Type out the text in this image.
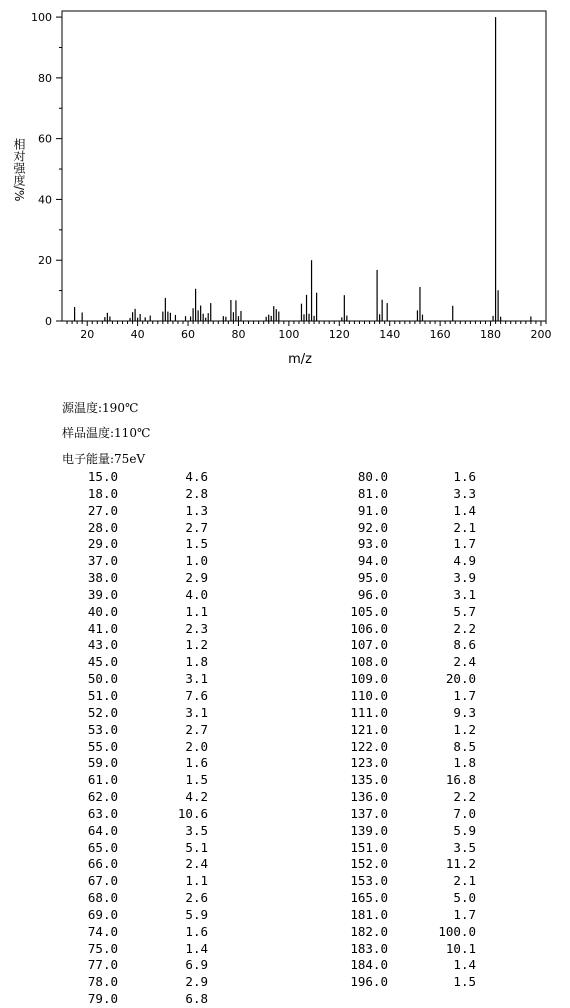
20	40	60	80	100	120	140	160	180	200
0
20
40
60
80
100
m/z
相对强度/%
源温度:190℃
样品温度:110℃
电子能量:75eV
15.0	4.6
18.0	2.8
27.0	1.3
28.0	2.7
29.0	1.5
37.0	1.0
38.0	2.9
39.0	4.0
40.0	1.1
41.0	2.3
43.0	1.2
45.0	1.8
50.0	3.1
51.0	7.6
52.0	3.1
53.0	2.7
55.0	2.0
59.0	1.6
61.0	1.5
62.0	4.2
63.0	10.6
64.0	3.5
65.0	5.1
66.0	2.4
67.0	1.1
68.0	2.6
69.0	5.9
74.0	1.6
75.0	1.4
77.0	6.9
78.0	2.9
79.0	6.8
80.0	1.6
81.0	3.3
91.0	1.4
92.0	2.1
93.0	1.7
94.0	4.9
95.0	3.9
96.0	3.1
105.0	5.7
106.0	2.2
107.0	8.6
108.0	2.4
109.0	20.0
110.0	1.7
111.0	9.3
121.0	1.2
122.0	8.5
123.0	1.8
135.0	16.8
136.0	2.2
137.0	7.0
139.0	5.9
151.0	3.5
152.0	11.2
153.0	2.1
165.0	5.0
181.0	1.7
182.0	100.0
183.0	10.1
184.0	1.4
196.0	1.5
